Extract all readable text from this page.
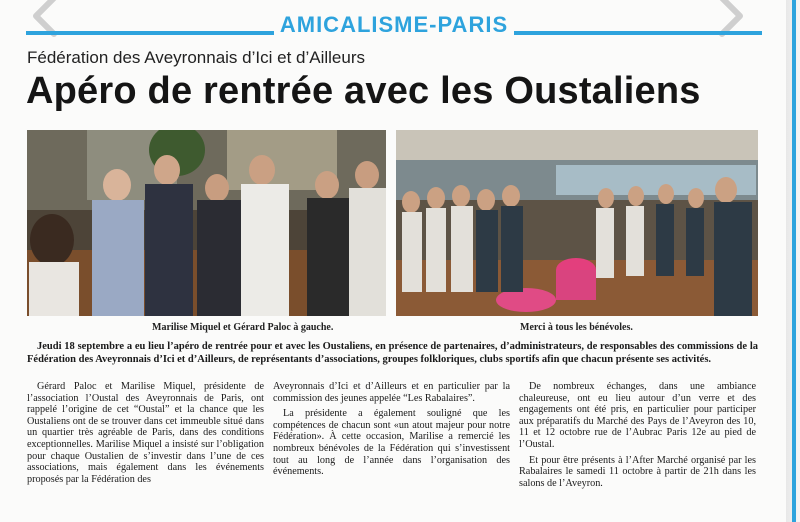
AMICALISME-PARIS
Fédération des Aveyronnais d’Ici et d’Ailleurs
Apéro de rentrée avec les Oustaliens
Marilise Miquel et Gérard Paloc à gauche.	Merci à tous les bénévoles.
Jeudi 18 septembre a eu lieu l’apéro de rentrée pour et avec les Oustaliens, en présence de partenaires, d’administrateurs, de responsables des commissions de la Fédération des Aveyronnais d’Ici et d’Ailleurs, de représentants d’associations, groupes folkloriques, clubs sportifs afin que chacun présente ses activités.

Gérard Paloc et Marilise Miquel, présidente de l’association l’Oustal des Aveyronnais de Paris, ont rappelé l’origine de cet “Oustal” et la chance que les Oustaliens ont de se trouver dans cet immeuble situé dans un quartier très agréable de Paris, dans des conditions exceptionnelles. Marilise Miquel a insisté sur l’obligation pour chaque Oustalien de s’investir dans l’une de ces associations, mais également dans les événements proposés par la Fédération des

Aveyronnais d’Ici et d’Ailleurs et en particulier par la commission des jeunes appelée “Les Rabalaires”.

La présidente a également souligné que les compétences de chacun sont «un atout majeur pour notre Fédération». À cette occasion, Marilise a remercié les nombreux bénévoles de la Fédération qui s’investissent tout au long de l’année dans l’organisation des événements.

De nombreux échanges, dans une ambiance chaleureuse, ont eu lieu autour d’un verre et des engagements ont été pris, en particulier pour participer aux préparatifs du Marché des Pays de l’Aveyron des 10, 11 et 12 octobre rue de l’Aubrac Paris 12e au pied de l’Oustal.

Et pour être présents à l’After Marché organisé par les Rabalaires le samedi 11 octobre à partir de 21h dans les salons de l’Aveyron.
